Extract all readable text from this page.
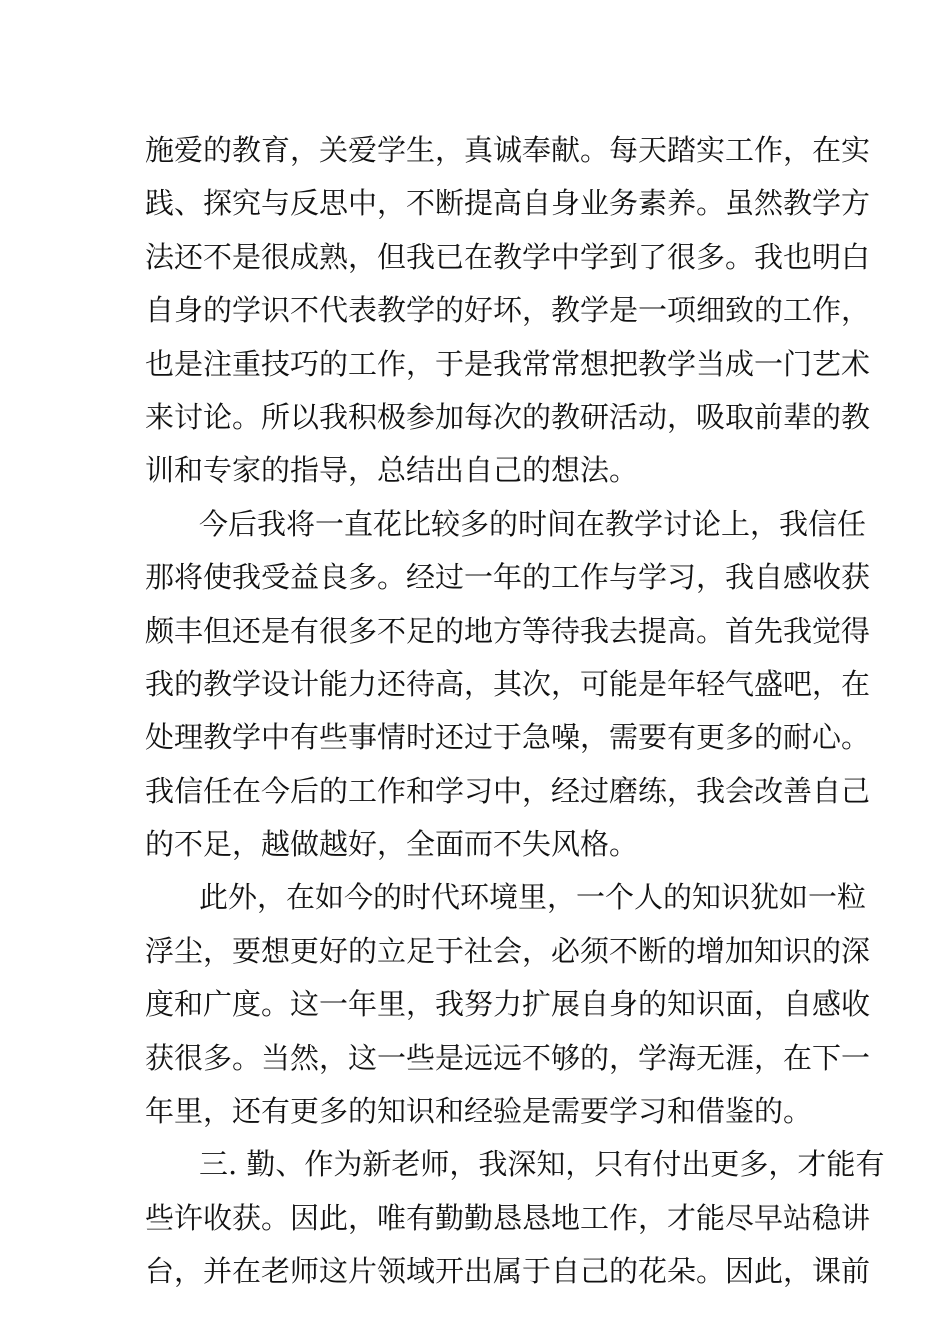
施爱的教育，关爱学生，真诚奉献。每天踏实工作，在实
践、探究与反思中，不断提高自身业务素养。虽然教学方
法还不是很成熟，但我已在教学中学到了很多。我也明白
自身的学识不代表教学的好坏，教学是一项细致的工作，
也是注重技巧的工作，于是我常常想把教学当成一门艺术
来讨论。所以我积极参加每次的教研活动，吸取前辈的教
训和专家的指导，总结出自己的想法。
今后我将一直花比较多的时间在教学讨论上，我信任
那将使我受益良多。经过一年的工作与学习，我自感收获
颇丰但还是有很多不足的地方等待我去提高。首先我觉得
我的教学设计能力还待高，其次，可能是年轻气盛吧，在
处理教学中有些事情时还过于急噪，需要有更多的耐心。
我信任在今后的工作和学习中，经过磨练，我会改善自己
的不足，越做越好，全面而不失风格。
此外，在如今的时代环境里，一个人的知识犹如一粒
浮尘，要想更好的立足于社会，必须不断的增加知识的深
度和广度。这一年里，我努力扩展自身的知识面，自感收
获很多。当然，这一些是远远不够的，学海无涯，在下一
年里，还有更多的知识和经验是需要学习和借鉴的。
三. 勤、作为新老师，我深知，只有付出更多，才能有
些许收获。因此，唯有勤勤恳恳地工作，才能尽早站稳讲
台，并在老师这片领域开出属于自己的花朵。因此，课前
